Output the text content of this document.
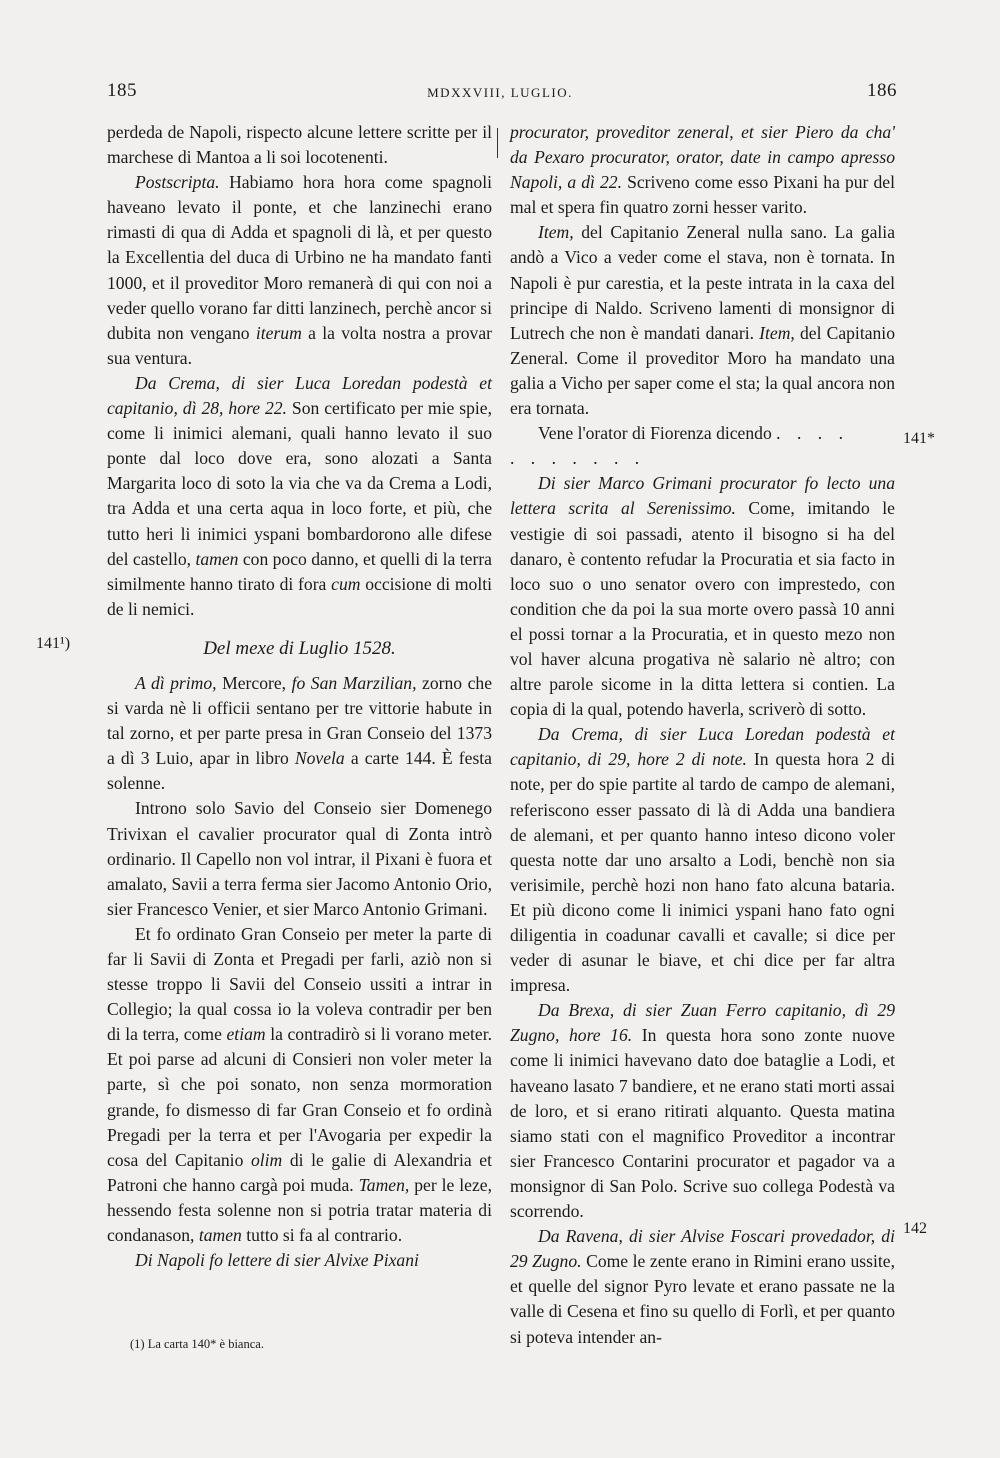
185	MDXXVIII, LUGLIO.	186

perdeda de Napoli, rispecto alcune lettere scritte per il marchese di Mantoa a li soi locotenenti.

Postscripta. Habiamo hora hora come spagnoli haveano levato il ponte, et che lanzinechi erano rimasti di qua di Adda et spagnoli di là, et per questo la Excellentia del duca di Urbino ne ha mandato fanti 1000, et il proveditor Moro remanerà di qui con noi a veder quello vorano far ditti lanzinech, perchè ancor si dubita non vengano iterum a la volta nostra a provar sua ventura.

Da Crema, di sier Luca Loredan podestà et capitanio, dì 28, hore 22. Son certificato per mie spie, come li inimici alemani, quali hanno levato il suo ponte dal loco dove era, sono alozati a Santa Margarita loco di soto la via che va da Crema a Lodi, tra Adda et una certa aqua in loco forte, et più, che tutto heri li inimici yspani bombardorono alle difese del castello, tamen con poco danno, et quelli di la terra similmente hanno tirato di fora cum occisione di molti de li nemici.

Del mexe di Luglio 1528.

A dì primo, Mercore, fo San Marzilian, zorno che si varda nè li officii sentano per tre vittorie habute in tal zorno, et per parte presa in Gran Conseio del 1373 a dì 3 Luio, apar in libro Novela a carte 144. È festa solenne.

Introno solo Savio del Conseio sier Domenego Trivixan el cavalier procurator qual di Zonta intrò ordinario. Il Capello non vol intrar, il Pixani è fuora et amalato, Savii a terra ferma sier Jacomo Antonio Orio, sier Francesco Venier, et sier Marco Antonio Grimani.

Et fo ordinato Gran Conseio per meter la parte di far li Savii di Zonta et Pregadi per farli, aziò non si stesse troppo li Savii del Conseio ussiti a intrar in Collegio; la qual cossa io la voleva contradir per ben di la terra, come etiam la contradirò si li vorano meter. Et poi parse ad alcuni di Consieri non voler meter la parte, sì che poi sonato, non senza mormoration grande, fo dismesso di far Gran Conseio et fo ordinà Pregadi per la terra et per l'Avogaria per expedir la cosa del Capitanio olim di le galie di Alexandria et Patroni che hanno cargà poi muda. Tamen, per le leze, hessendo festa solenne non si potria tratar materia di condanason, tamen tutto si fa al contrario.

Di Napoli fo lettere di sier Alvixe Pixani

procurator, proveditor zeneral, et sier Piero da cha' da Pexaro procurator, orator, date in campo apresso Napoli, a dì 22. Scriveno come esso Pixani ha pur del mal et spera fin quatro zorni hesser varito.

Item, del Capitanio Zeneral nulla sano. La galia andò a Vico a veder come el stava, non è tornata. In Napoli è pur carestia, et la peste intrata in la caxa del principe di Naldo. Scriveno lamenti di monsignor di Lutrech che non è mandati danari. Item, del Capitanio Zeneral. Come il proveditor Moro ha mandato una galia a Vicho per saper come el sta; la qual ancora non era tornata.

Vene l'orator di Fiorenza dicendo . . . .
. . . . . . .

Di sier Marco Grimani procurator fo lecto una lettera scrita al Serenissimo. Come, imitando le vestigie di soi passadi, atento il bisogno si ha del danaro, è contento refudar la Procuratia et sia facto in loco suo o uno senator overo con imprestedo, con condition che da poi la sua morte overo passà 10 anni el possi tornar a la Procuratia, et in questo mezo non vol haver alcuna progativa nè salario nè altro; con altre parole sicome in la ditta lettera si contien. La copia di la qual, potendo haverla, scriverò di sotto.

Da Crema, di sier Luca Loredan podestà et capitanio, di 29, hore 2 di note. In questa hora 2 di note, per do spie partite al tardo de campo de alemani, referiscono esser passato di là di Adda una bandiera de alemani, et per quanto hanno inteso dicono voler questa notte dar uno arsalto a Lodi, benchè non sia verisimile, perchè hozi non hano fato alcuna bataria. Et più dicono come li inimici yspani hano fato ogni diligentia in coadunar cavalli et cavalle; si dice per veder di asunar le biave, et chi dice per far altra impresa.

Da Brexa, di sier Zuan Ferro capitanio, dì 29 Zugno, hore 16. In questa hora sono zonte nuove come li inimici havevano dato doe bataglie a Lodi, et haveano lasato 7 bandiere, et ne erano stati morti assai de loro, et si erano ritirati alquanto. Questa matina siamo stati con el magnifico Proveditor a incontrar sier Francesco Contarini procurator et pagador va a monsignor di San Polo. Scrive suo collega Podestà va scorrendo.

Da Ravena, di sier Alvise Foscari provedador, di 29 Zugno. Come le zente erano in Rimini erano ussite, et quelle del signor Pyro levate et erano passate ne la valle di Cesena et fino su quello di Forlì, et per quanto si poteva intender an-

141¹)
141*
142
(1) La carta 140* è bianca.
